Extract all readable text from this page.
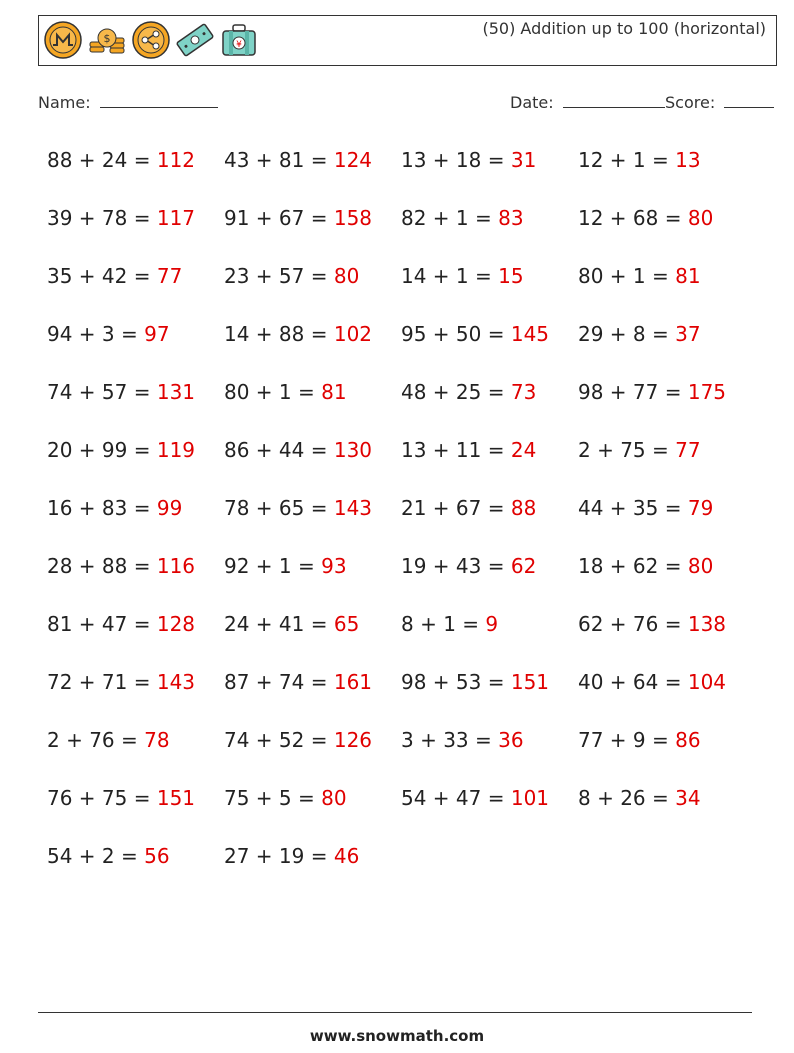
$	¥
(50) Addition up to 100 (horizontal)
Name:	Date:	Score:
88 + 24 = 112 43 + 81 = 124 13 + 18 = 31 12 + 1 = 13
39 + 78 = 117 91 + 67 = 158 82 + 1 = 83	12 + 68 = 80
35 + 42 = 77 23 + 57 = 80 14 + 1 = 15	80 + 1 = 81
94 + 3 = 97	14 + 88 = 102 95 + 50 = 145 29 + 8 = 37
74 + 57 = 131 80 + 1 = 81	48 + 25 = 73 98 + 77 = 175
20 + 99 = 119 86 + 44 = 130 13 + 11 = 24 2 + 75 = 77
16 + 83 = 99 78 + 65 = 143 21 + 67 = 88 44 + 35 = 79
28 + 88 = 116 92 + 1 = 93	19 + 43 = 62 18 + 62 = 80
81 + 47 = 128 24 + 41 = 65 8 + 1 = 9	62 + 76 = 138
72 + 71 = 143 87 + 74 = 161 98 + 53 = 151 40 + 64 = 104
2 + 76 = 78	74 + 52 = 126 3 + 33 = 36	77 + 9 = 86
76 + 75 = 151 75 + 5 = 80	54 + 47 = 101 8 + 26 = 34
54 + 2 = 56	27 + 19 = 46
www.snowmath.com
